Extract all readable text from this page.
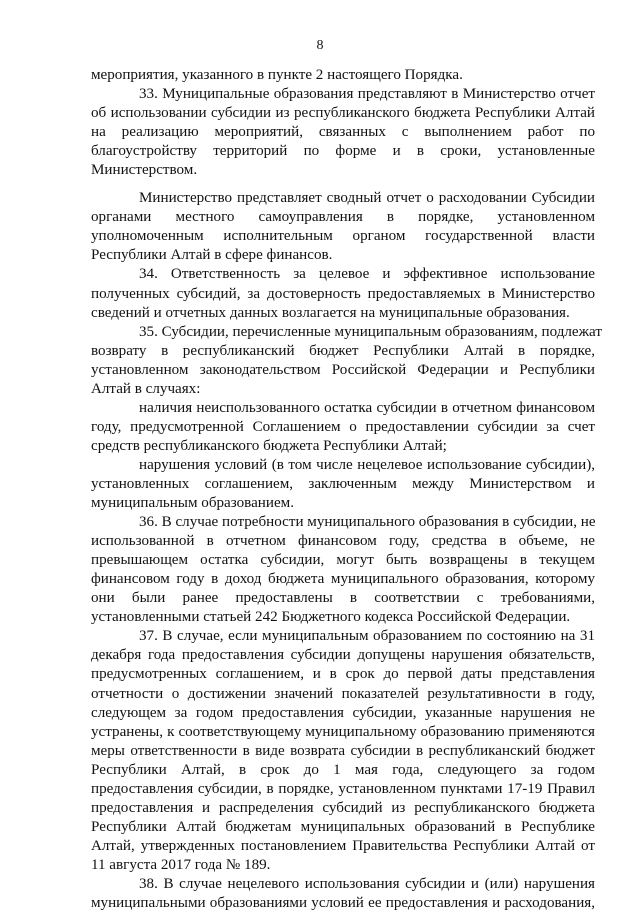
8
мероприятия, указанного в пункте 2 настоящего Порядка.
33. Муниципальные образования представляют в Министерство отчет
об использовании субсидии из республиканского бюджета Республики Алтай
на реализацию мероприятий, связанных с выполнением работ по
благоустройству территорий по форме и в сроки, установленные
Министерством.
Министерство представляет сводный отчет о расходовании Субсидии
органами местного самоуправления в порядке, установленном
уполномоченным исполнительным органом государственной власти
Республики Алтай в сфере финансов.
34. Ответственность за целевое и эффективное использование
полученных субсидий, за достоверность предоставляемых в Министерство
сведений и отчетных данных возлагается на муниципальные образования.
35. Субсидии, перечисленные муниципальным образованиям, подлежат
возврату в республиканский бюджет Республики Алтай в порядке,
установленном законодательством Российской Федерации и Республики
Алтай в случаях:
наличия неиспользованного остатка субсидии в отчетном финансовом
году, предусмотренной Соглашением о предоставлении субсидии за счет
средств республиканского бюджета Республики Алтай;
нарушения условий (в том числе нецелевое использование субсидии),
установленных соглашением, заключенным между Министерством и
муниципальным образованием.
36. В случае потребности муниципального образования в субсидии, не
использованной в отчетном финансовом году, средства в объеме, не
превышающем остатка субсидии, могут быть возвращены в текущем
финансовом году в доход бюджета муниципального образования, которому
они были ранее предоставлены в соответствии с требованиями,
установленными статьей 242 Бюджетного кодекса Российской Федерации.
37. В случае, если муниципальным образованием по состоянию на 31
декабря года предоставления субсидии допущены нарушения обязательств,
предусмотренных соглашением, и в срок до первой даты представления
отчетности о достижении значений показателей результативности в году,
следующем за годом предоставления субсидии, указанные нарушения не
устранены, к соответствующему муниципальному образованию применяются
меры ответственности в виде возврата субсидии в республиканский бюджет
Республики Алтай, в срок до 1 мая года, следующего за годом
предоставления субсидии, в порядке, установленном пунктами 17-19 Правил
предоставления и распределения субсидий из республиканского бюджета
Республики Алтай бюджетам муниципальных образований в Республике
Алтай, утвержденных постановлением Правительства Республики Алтай от
11 августа 2017 года № 189.
38. В случае нецелевого использования субсидии и (или) нарушения
муниципальными образованиями условий ее предоставления и расходования,
